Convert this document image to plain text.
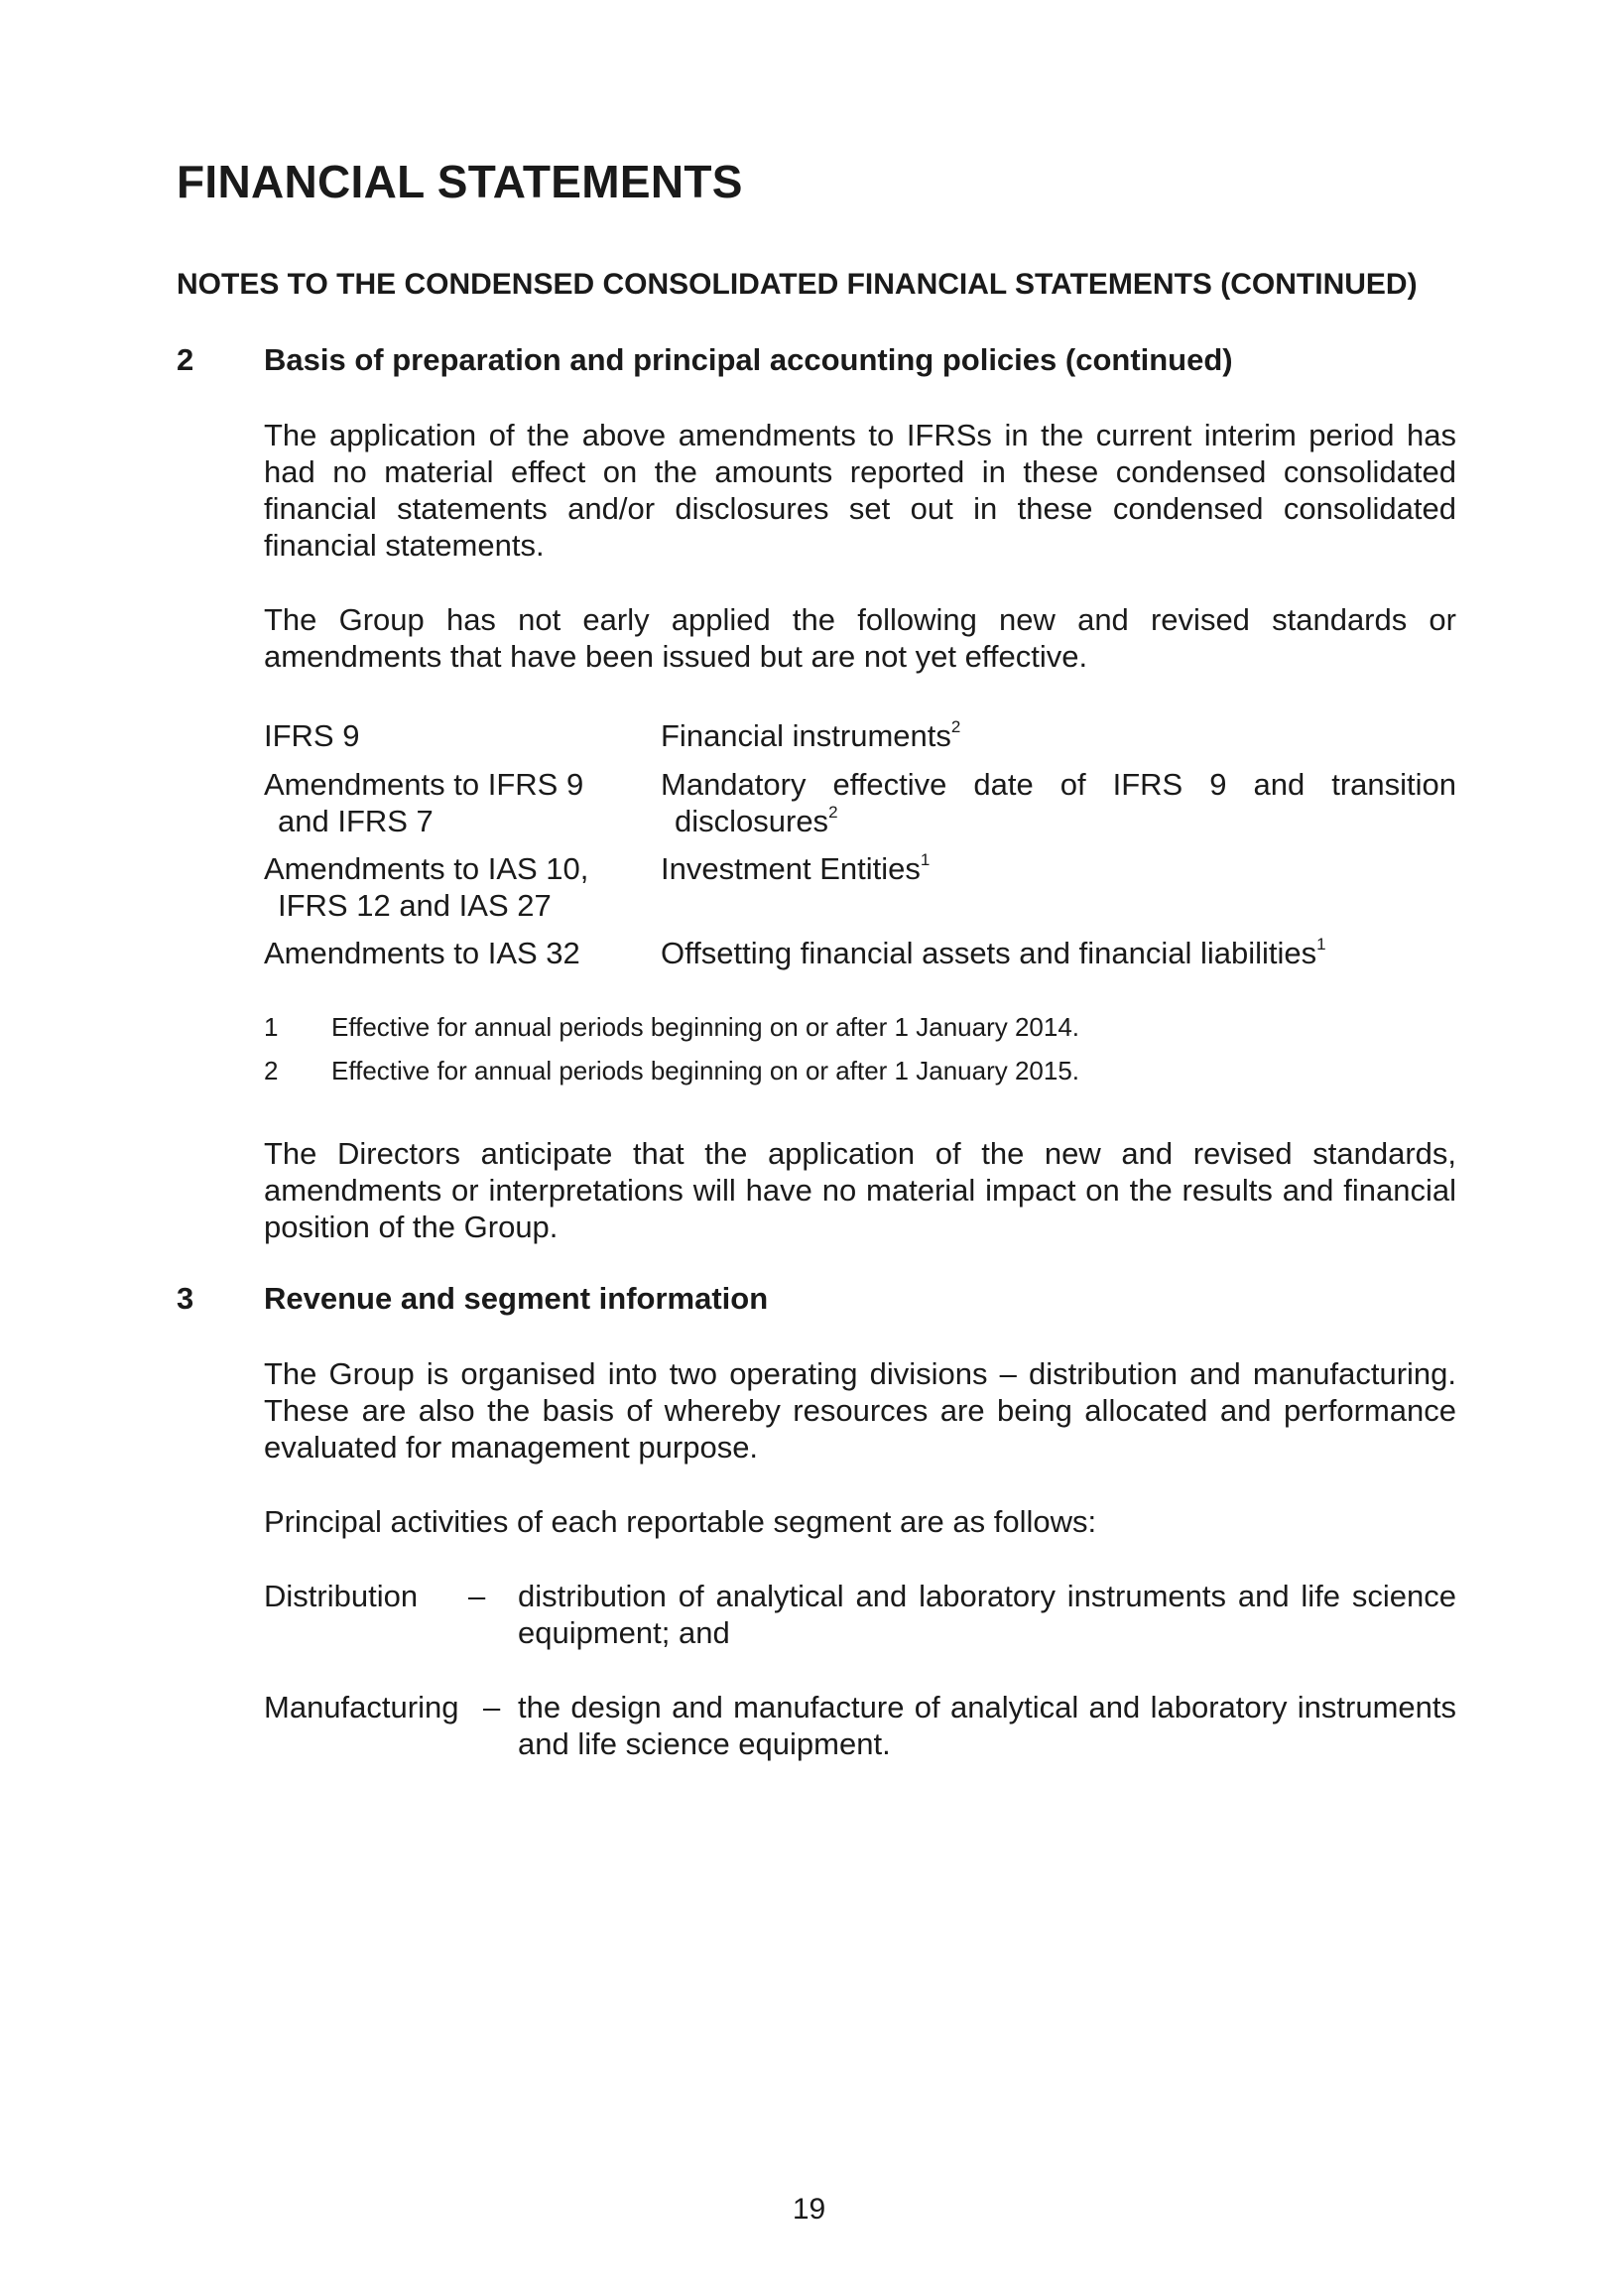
FINANCIAL STATEMENTS
NOTES TO THE CONDENSED CONSOLIDATED FINANCIAL STATEMENTS (CONTINUED)
2 Basis of preparation and principal accounting policies (continued)

The application of the above amendments to IFRSs in the current interim period has had no material effect on the amounts reported in these condensed consolidated financial statements and/or disclosures set out in these condensed consolidated financial statements.

The Group has not early applied the following new and revised standards or amendments that have been issued but are not yet effective.

IFRS 9	Financial instruments$^2$
Amendments to IFRS 9
and IFRS 7
Mandatory effective date of IFRS 9 and transition
disclosures$^2$
Amendments to IAS 10,
IFRS 12 and IAS 27
Investment Entities$^1$
Amendments to IAS 32	Offsetting financial assets and financial liabilities$^1$
1 Effective for annual periods beginning on or after 1 January 2014.
2 Effective for annual periods beginning on or after 1 January 2015.

The Directors anticipate that the application of the new and revised standards, amendments or interpretations will have no material impact on the results and financial position of the Group.

3 Revenue and segment information

The Group is organised into two operating divisions – distribution and manufacturing. These are also the basis of whereby resources are being allocated and performance evaluated for management purpose.

Principal activities of each reportable segment are as follows:

Distribution – distribution of analytical and laboratory instruments and life science equipment; and
Manufacturing – the design and manufacture of analytical and laboratory instruments and life science equipment.
19
